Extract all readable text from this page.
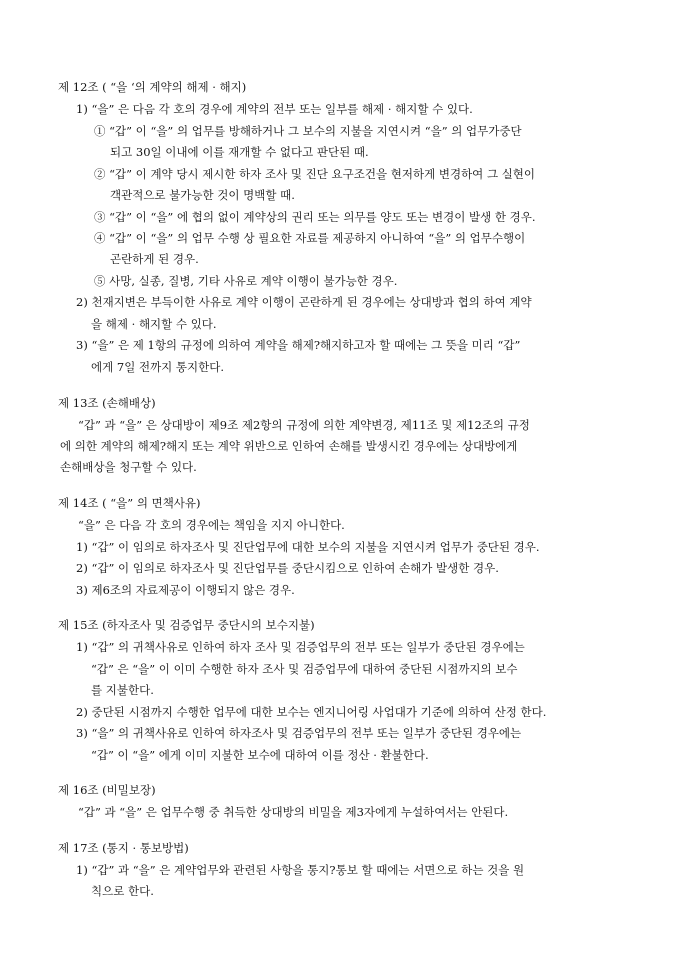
제 12조 ( “을 ‘의 계약의 해제 · 해지)
1) “을” 은 다음 각 호의 경우에 계약의 전부 또는 일부를 해제 · 해지할 수 있다.
① “갑” 이 “을” 의 업무를 방해하거나 그 보수의 지불을 지연시켜 “을” 의 업무가중단
되고 30일 이내에 이를 재개할 수 없다고 판단된 때.
② “갑” 이 계약 당시 제시한 하자 조사 및 진단 요구조건을 현저하게 변경하여 그 실현이
객관적으로 불가능한 것이 명백할 때.
③ “갑” 이 “을” 에 협의 없이 계약상의 권리 또는 의무를 양도 또는 변경이 발생 한 경우.
④ “갑” 이 “을” 의 업무 수행 상 필요한 자료를 제공하지 아니하여 “을” 의 업무수행이
곤란하게 된 경우.
⑤ 사망, 실종, 질병, 기타 사유로 계약 이행이 불가능한 경우.
2) 천재지변은 부득이한 사유로 계약 이행이 곤란하게 된 경우에는 상대방과 협의 하여 계약
을 해제 · 해지할 수 있다.
3) “을” 은 제 1항의 규정에 의하여 계약을 해제?해지하고자 할 때에는 그 뜻을 미리 “갑”
에게 7일 전까지 통지한다.
제 13조 (손해배상)
“갑” 과 “을” 은 상대방이 제9조 제2항의 규정에 의한 계약변경, 제11조 및 제12조의 규정
에 의한 계약의 해제?해지 또는 계약 위반으로 인하여 손해를 발생시킨 경우에는 상대방에게
손해배상을 청구할 수 있다.
제 14조 ( “을” 의 면책사유)
“을” 은 다음 각 호의 경우에는 책임을 지지 아니한다.
1) “갑” 이 임의로 하자조사 및 진단업무에 대한 보수의 지불을 지연시켜 업무가 중단된 경우.
2) “갑” 이 임의로 하자조사 및 진단업무를 중단시킴으로 인하여 손해가 발생한 경우.
3) 제6조의 자료제공이 이행되지 않은 경우.
제 15조 (하자조사 및 검증업무 중단시의 보수지불)
1) “갑” 의 귀책사유로 인하여 하자 조사 및 검증업무의 전부 또는 일부가 중단된 경우에는
“갑” 은 “을” 이 이미 수행한 하자 조사 및 검증업무에 대하여 중단된 시점까지의 보수
를 지불한다.
2) 중단된 시점까지 수행한 업무에 대한 보수는 엔지니어링 사업대가 기준에 의하여 산정 한다.
3) “을” 의 귀책사유로 인하여 하자조사 및 검증업무의 전부 또는 일부가 중단된 경우에는
“갑” 이 “을” 에게 이미 지불한 보수에 대하여 이를 정산 · 환불한다.
제 16조 (비밀보장)
“갑” 과 “을” 은 업무수행 중 취득한 상대방의 비밀을 제3자에게 누설하여서는 안된다.
제 17조 (통지 · 통보방법)
1) “갑” 과 “을” 은 계약업무와 관련된 사항을 통지?통보 할 때에는 서면으로 하는 것을 원
칙으로 한다.
